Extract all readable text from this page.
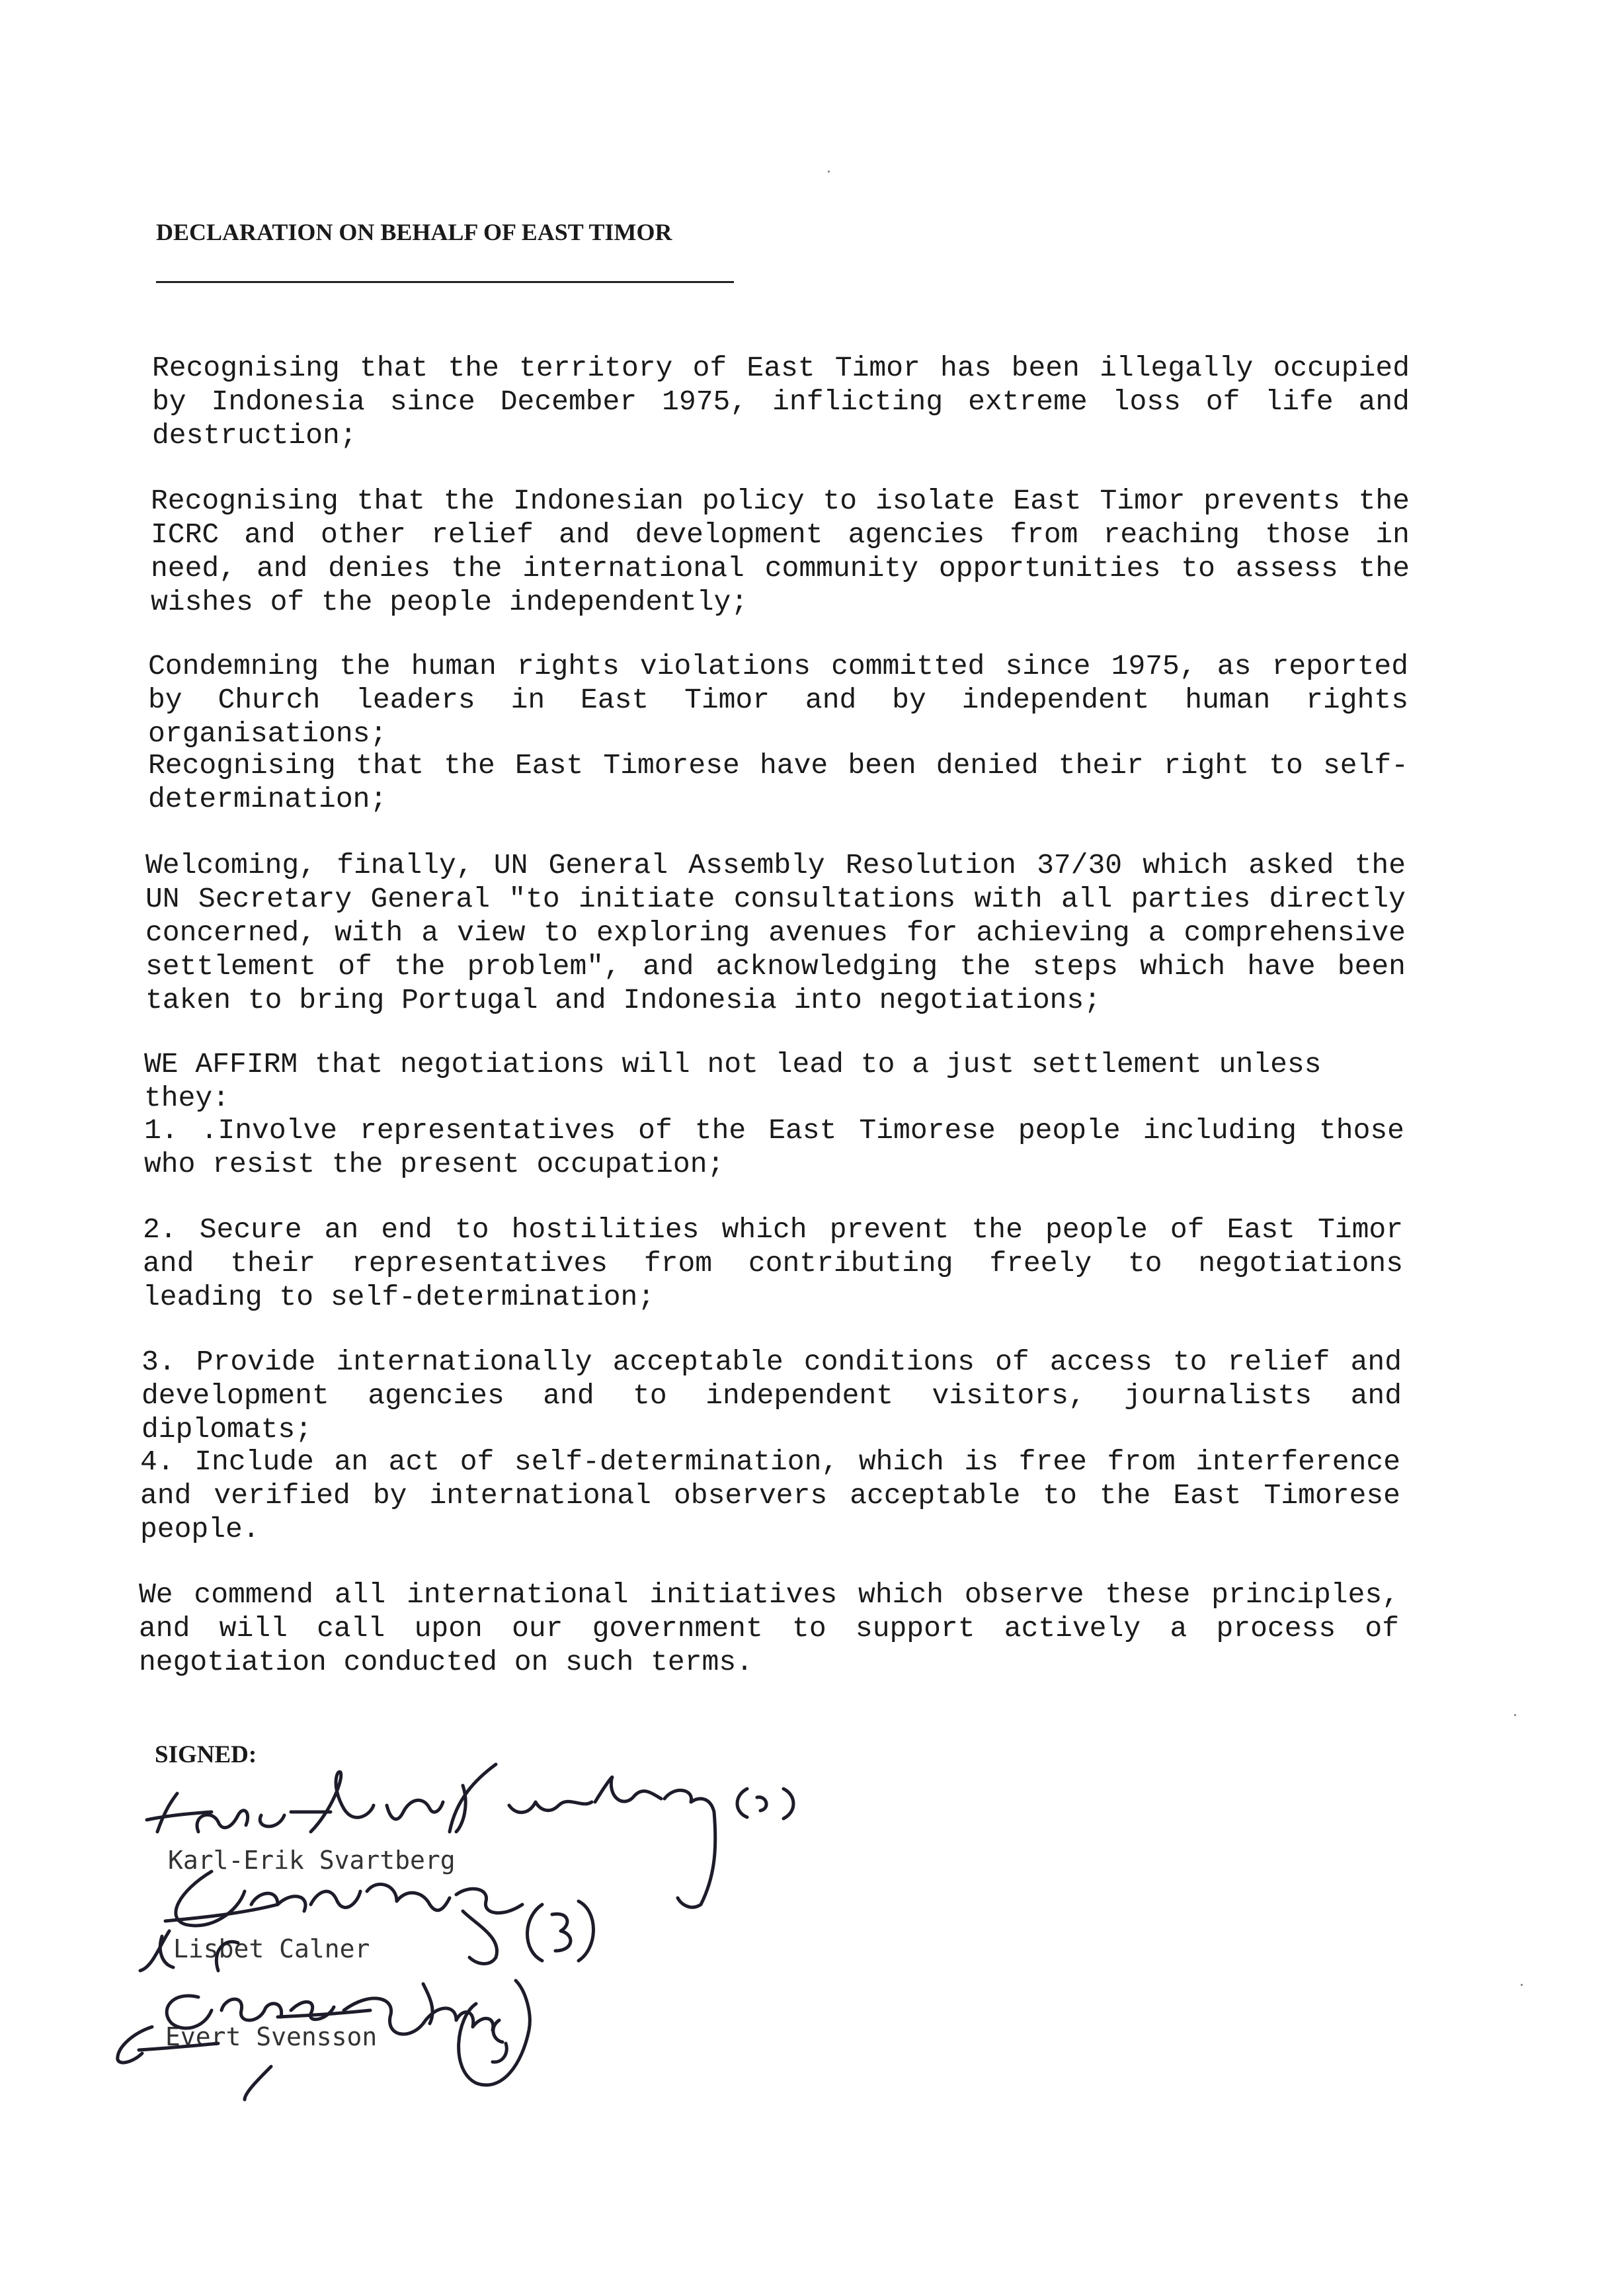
DECLARATION ON BEHALF OF EAST TIMOR

Recognising that the territory of East Timor has been illegally occupied by Indonesia since December 1975, inflicting extreme loss of life and destruction;

Recognising that the Indonesian policy to isolate East Timor prevents the ICRC and other relief and development agencies from reaching those in need, and denies the international community opportunities to assess the wishes of the people independently;

Condemning the human rights violations committed since 1975, as reported by Church leaders in East Timor and by independent human rights organisations;

Recognising that the East Timorese have been denied their right to self-determination;

Welcoming, finally, UN General Assembly Resolution 37/30 which asked the UN Secretary General "to initiate consultations with all parties directly concerned, with a view to exploring avenues for achieving a comprehensive settlement of the problem", and acknowledging the steps which have been taken to bring Portugal and Indonesia into negotiations;

WE AFFIRM that negotiations will not lead to a just settlement unless they:

1. .Involve representatives of the East Timorese people including those who resist the present occupation;

2. Secure an end to hostilities which prevent the people of East Timor and their representatives from contributing freely to negotiations leading to self-determination;

3. Provide internationally acceptable conditions of access to relief and development agencies and to independent visitors, journalists and diplomats;

4. Include an act of self-determination, which is free from interference and verified by international observers acceptable to the East Timorese people.

We commend all international initiatives which observe these principles, and will call upon our government to support actively a process of negotiation conducted on such terms.

SIGNED:
Karl-Erik Svartberg
Lisbet Calner
Evert Svensson
